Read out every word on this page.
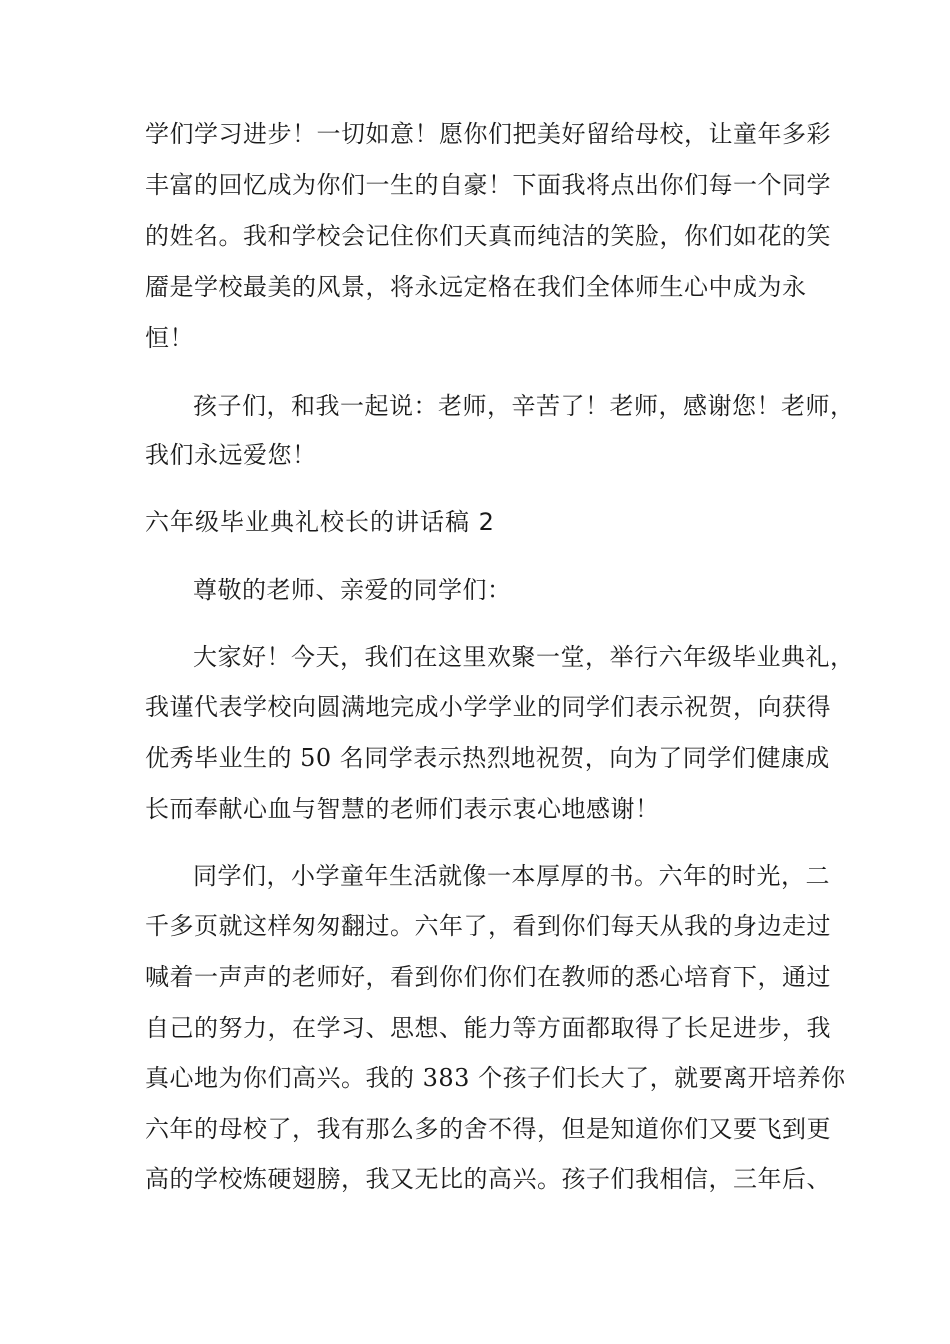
学们学习进步！一切如意！愿你们把美好留给母校，让童年多彩
丰富的回忆成为你们一生的自豪！下面我将点出你们每一个同学
的姓名。我和学校会记住你们天真而纯洁的笑脸，你们如花的笑
靥是学校最美的风景，将永远定格在我们全体师生心中成为永
恒！
孩子们，和我一起说：老师，辛苦了！老师，感谢您！老师，
我们永远爱您！
六年级毕业典礼校长的讲话稿 2
尊敬的老师、亲爱的同学们：
大家好！今天，我们在这里欢聚一堂，举行六年级毕业典礼，
我谨代表学校向圆满地完成小学学业的同学们表示祝贺，向获得
优秀毕业生的 50 名同学表示热烈地祝贺，向为了同学们健康成
长而奉献心血与智慧的老师们表示衷心地感谢！
同学们，小学童年生活就像一本厚厚的书。六年的时光，二
千多页就这样匆匆翻过。六年了，看到你们每天从我的身边走过
喊着一声声的老师好，看到你们你们在教师的悉心培育下，通过
自己的努力，在学习、思想、能力等方面都取得了长足进步，我
真心地为你们高兴。我的 383 个孩子们长大了，就要离开培养你
六年的母校了，我有那么多的舍不得，但是知道你们又要飞到更
高的学校炼硬翅膀，我又无比的高兴。孩子们我相信，三年后、
